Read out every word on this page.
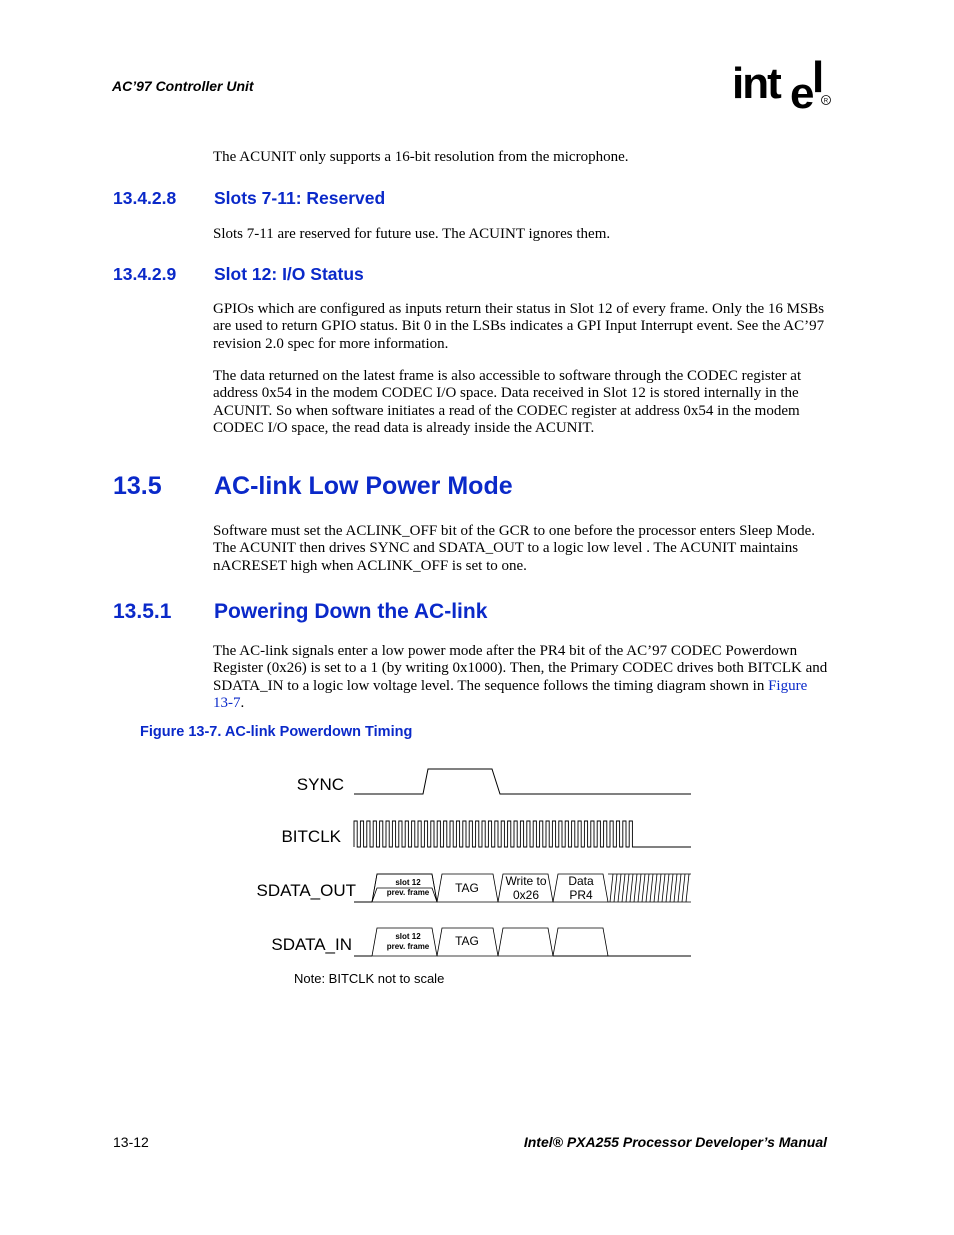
AC’97 Controller Unit	int e
l R
The ACUNIT only supports a 16-bit resolution from the microphone.
13.4.2.8 Slots 7-11: Reserved
Slots 7-11 are reserved for future use. The ACUINT ignores them.
13.4.2.9 Slot 12: I/O Status
GPIOs which are configured as inputs return their status in Slot 12 of every frame. Only the 16 MSBs are used to return GPIO status. Bit 0 in the LSBs indicates a GPI Input Interrupt event. See the AC’97 revision 2.0 spec for more information.
The data returned on the latest frame is also accessible to software through the CODEC register at address 0x54 in the modem CODEC I/O space. Data received in Slot 12 is stored internally in the ACUNIT. So when software initiates a read of the CODEC register at address 0x54 in the modem CODEC I/O space, the read data is already inside the ACUNIT.
13.5 AC-link Low Power Mode
Software must set the ACLINK_OFF bit of the GCR to one before the processor enters Sleep Mode. The ACUNIT then drives SYNC and SDATA_OUT to a logic low level . The ACUNIT maintains nACRESET high when ACLINK_OFF is set to one.
13.5.1 Powering Down the AC-link
The AC-link signals enter a low power mode after the PR4 bit of the AC’97 CODEC Powerdown Register (0x26) is set to a 1 (by writing 0x1000). Then, the Primary CODEC drives both BITCLK and SDATA_IN to a logic low voltage level. The sequence follows the timing diagram shown in Figure 13-7.
Figure 13-7. AC-link Powerdown Timing
SYNC
BITCLK
SDATA_OUT
SDATA_IN
slot 12
prev. frame TAG Write to
0x26
Data
PR4
slot 12
prev. frame TAG
Note: BITCLK not to scale
13-12	Intel® PXA255 Processor Developer’s Manual
